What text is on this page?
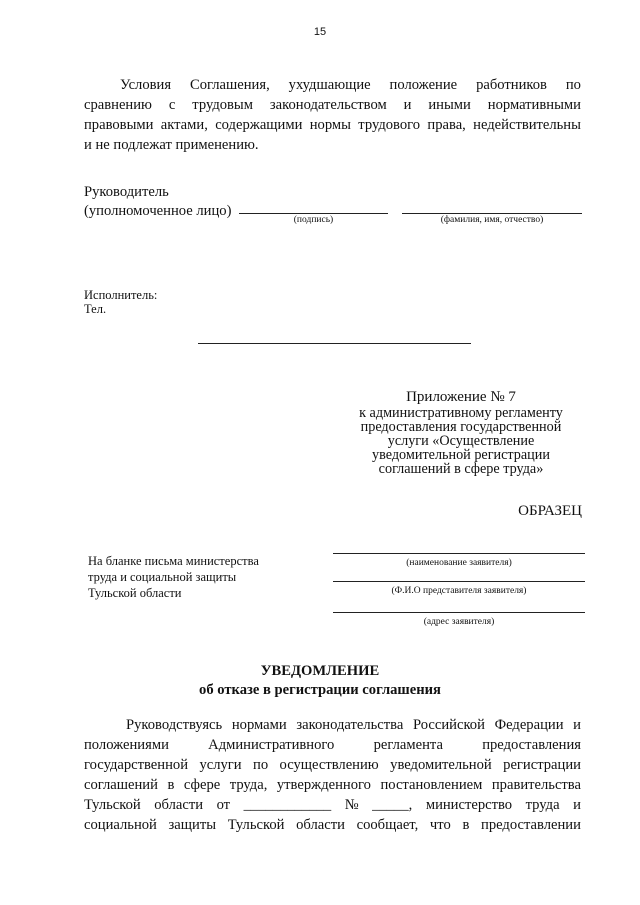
15
Условия Соглашения, ухудшающие положение работников по
сравнению с трудовым законодательством и иными нормативными
правовыми актами, содержащими нормы трудового права, недействительны
и не подлежат применению.
Руководитель
(уполномоченное лицо)
(подпись)	(фамилия, имя, отчество)
Исполнитель:
Тел.
Приложение № 7
к административному регламенту
предоставления государственной
услуги «Осуществление
уведомительной регистрации
соглашений в сфере труда»
ОБРАЗЕЦ
На бланке письма министерства
труда и социальной защиты
Тульской области
(наименование заявителя)
(Ф.И.О представителя заявителя)
(адрес заявителя)
УВЕДОМЛЕНИЕ
об отказе в регистрации соглашения
Руководствуясь нормами законодательства Российской Федерации и
положениями	Административного	регламента	предоставления
государственной услуги по осуществлению уведомительной регистрации
соглашений в сфере труда, утвержденного постановлением правительства
Тульской области от ____________ № _____, министерство труда и
социальной защиты Тульской области сообщает, что в предоставлении
